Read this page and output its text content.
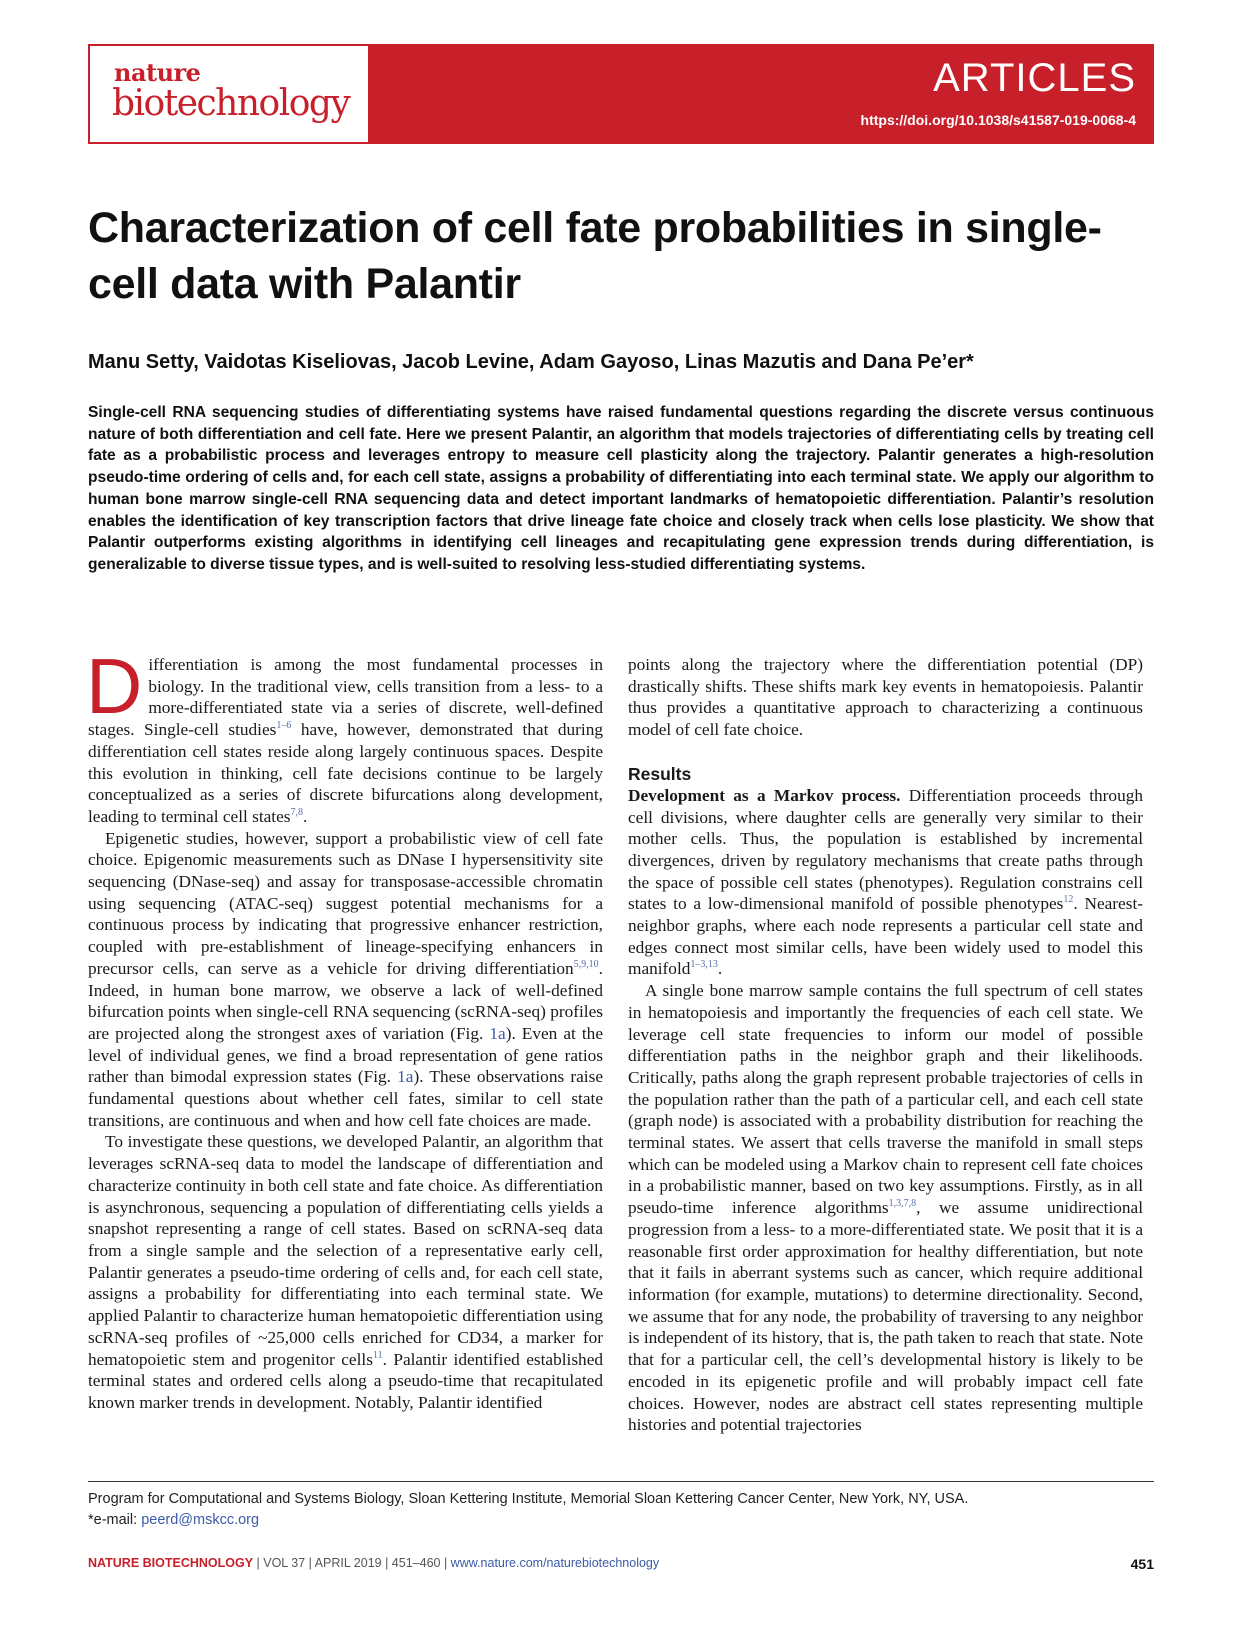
nature

biotechnology

ARTICLES

https://doi.org/10.1038/s41587-019-0068-4

Characterization of cell fate probabilities in single-cell data with Palantir

Manu Setty, Vaidotas Kiseliovas, Jacob Levine, Adam Gayoso, Linas Mazutis and Dana Pe’er*

Single-cell RNA sequencing studies of differentiating systems have raised fundamental questions regarding the discrete versus continuous nature of both differentiation and cell fate. Here we present Palantir, an algorithm that models trajectories of differentiating cells by treating cell fate as a probabilistic process and leverages entropy to measure cell plasticity along the trajectory. Palantir generates a high-resolution pseudo-time ordering of cells and, for each cell state, assigns a probability of differentiating into each terminal state. We apply our algorithm to human bone marrow single-cell RNA sequencing data and detect important landmarks of hematopoietic differentiation. Palantir’s resolution enables the identification of key transcription factors that drive lineage fate choice and closely track when cells lose plasticity. We show that Palantir outperforms existing algorithms in identifying cell lineages and recapitulating gene expression trends during differentiation, is generalizable to diverse tissue types, and is well-suited to resolving less-studied differentiating systems.

Differentiation is among the most fundamental processes in biology. In the traditional view, cells transition from a less- to a more-differentiated state via a series of discrete, well-defined stages. Single-cell studies$^{1-6}$ have, however, demonstrated that during differentiation cell states reside along largely continuous spaces. Despite this evolution in thinking, cell fate decisions continue to be largely conceptualized as a series of discrete bifurcations along development, leading to terminal cell states$^{7,8}$.

Epigenetic studies, however, support a probabilistic view of cell fate choice. Epigenomic measurements such as DNase I hypersensitivity site sequencing (DNase-seq) and assay for transposase-accessible chromatin using sequencing (ATAC-seq) suggest potential mechanisms for a continuous process by indicating that progressive enhancer restriction, coupled with pre-establishment of lineage-specifying enhancers in precursor cells, can serve as a vehicle for driving differentiation$^{5,9,10}$. Indeed, in human bone marrow, we observe a lack of well-defined bifurcation points when single-cell RNA sequencing (scRNA-seq) profiles are projected along the strongest axes of variation (Fig. 1a). Even at the level of individual genes, we find a broad representation of gene ratios rather than bimodal expression states (Fig. 1a). These observations raise fundamental questions about whether cell fates, similar to cell state transitions, are continuous and when and how cell fate choices are made.

To investigate these questions, we developed Palantir, an algorithm that leverages scRNA-seq data to model the landscape of differentiation and characterize continuity in both cell state and fate choice. As differentiation is asynchronous, sequencing a population of differentiating cells yields a snapshot representing a range of cell states. Based on scRNA-seq data from a single sample and the selection of a representative early cell, Palantir generates a pseudo-time ordering of cells and, for each cell state, assigns a probability for differentiating into each terminal state. We applied Palantir to characterize human hematopoietic differentiation using scRNA-seq profiles of ~25,000 cells enriched for CD34, a marker for hematopoietic stem and progenitor cells$^{11}$. Palantir identified established terminal states and ordered cells along a pseudo-time that recapitulated known marker trends in development. Notably, Palantir identified

points along the trajectory where the differentiation potential (DP) drastically shifts. These shifts mark key events in hematopoiesis. Palantir thus provides a quantitative approach to characterizing a continuous model of cell fate choice.

Results

Development as a Markov process. Differentiation proceeds through cell divisions, where daughter cells are generally very similar to their mother cells. Thus, the population is established by incremental divergences, driven by regulatory mechanisms that create paths through the space of possible cell states (phenotypes). Regulation constrains cell states to a low-dimensional manifold of possible phenotypes$^{12}$. Nearest-neighbor graphs, where each node represents a particular cell state and edges connect most similar cells, have been widely used to model this manifold$^{1-3,13}$.

A single bone marrow sample contains the full spectrum of cell states in hematopoiesis and importantly the frequencies of each cell state. We leverage cell state frequencies to inform our model of possible differentiation paths in the neighbor graph and their likelihoods. Critically, paths along the graph represent probable trajectories of cells in the population rather than the path of a particular cell, and each cell state (graph node) is associated with a probability distribution for reaching the terminal states. We assert that cells traverse the manifold in small steps which can be modeled using a Markov chain to represent cell fate choices in a probabilistic manner, based on two key assumptions. Firstly, as in all pseudo-time inference algorithms$^{1,3,7,8}$, we assume unidirectional progression from a less- to a more-differentiated state. We posit that it is a reasonable first order approximation for healthy differentiation, but note that it fails in aberrant systems such as cancer, which require additional information (for example, mutations) to determine directionality. Second, we assume that for any node, the probability of traversing to any neighbor is independent of its history, that is, the path taken to reach that state. Note that for a particular cell, the cell’s developmental history is likely to be encoded in its epigenetic profile and will probably impact cell fate choices. However, nodes are abstract cell states representing multiple histories and potential trajectories

Program for Computational and Systems Biology, Sloan Kettering Institute, Memorial Sloan Kettering Cancer Center, New York, NY, USA.

*e-mail: peerd@mskcc.org

NATURE BIOTECHNOLOGY | VOL 37 | APRIL 2019 | 451–460 | www.nature.com/naturebiotechnology	451
